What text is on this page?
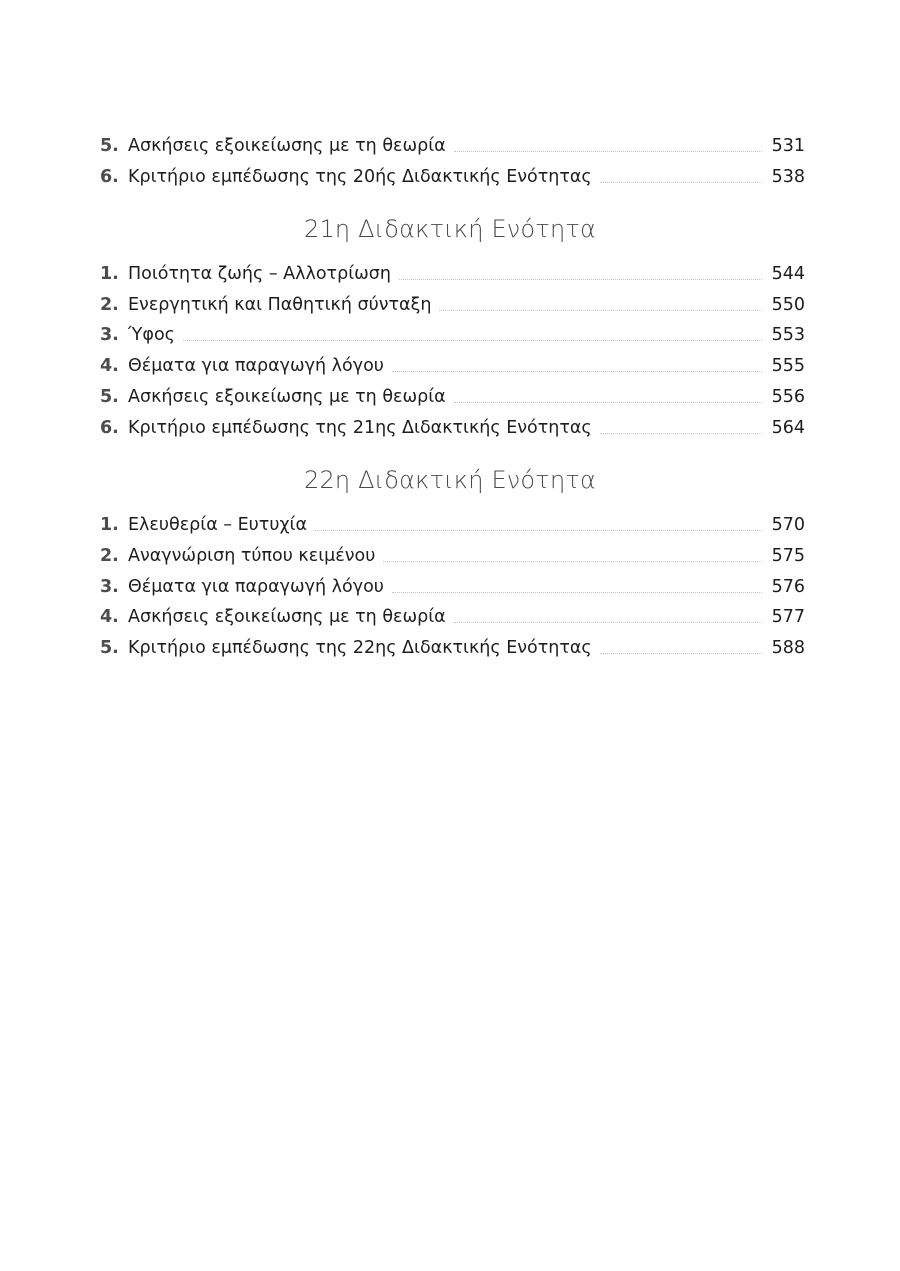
5. Ασκήσεις εξοικείωσης με τη θεωρία	531
6. Κριτήριο εμπέδωσης της 20ής Διδακτικής Ενότητας	538
21η Διδακτική Ενότητα
1. Ποιότητα ζωής – Αλλοτρίωση	544
2. Ενεργητική και Παθητική σύνταξη	550
3. Ύφος	553
4. Θέματα για παραγωγή λόγου	555
5. Ασκήσεις εξοικείωσης με τη θεωρία	556
6. Κριτήριο εμπέδωσης της 21ης Διδακτικής Ενότητας	564
22η Διδακτική Ενότητα
1. Ελευθερία – Ευτυχία	570
2. Αναγνώριση τύπου κειμένου	575
3. Θέματα για παραγωγή λόγου	576
4. Ασκήσεις εξοικείωσης με τη θεωρία	577
5. Κριτήριο εμπέδωσης της 22ης Διδακτικής Ενότητας	588
